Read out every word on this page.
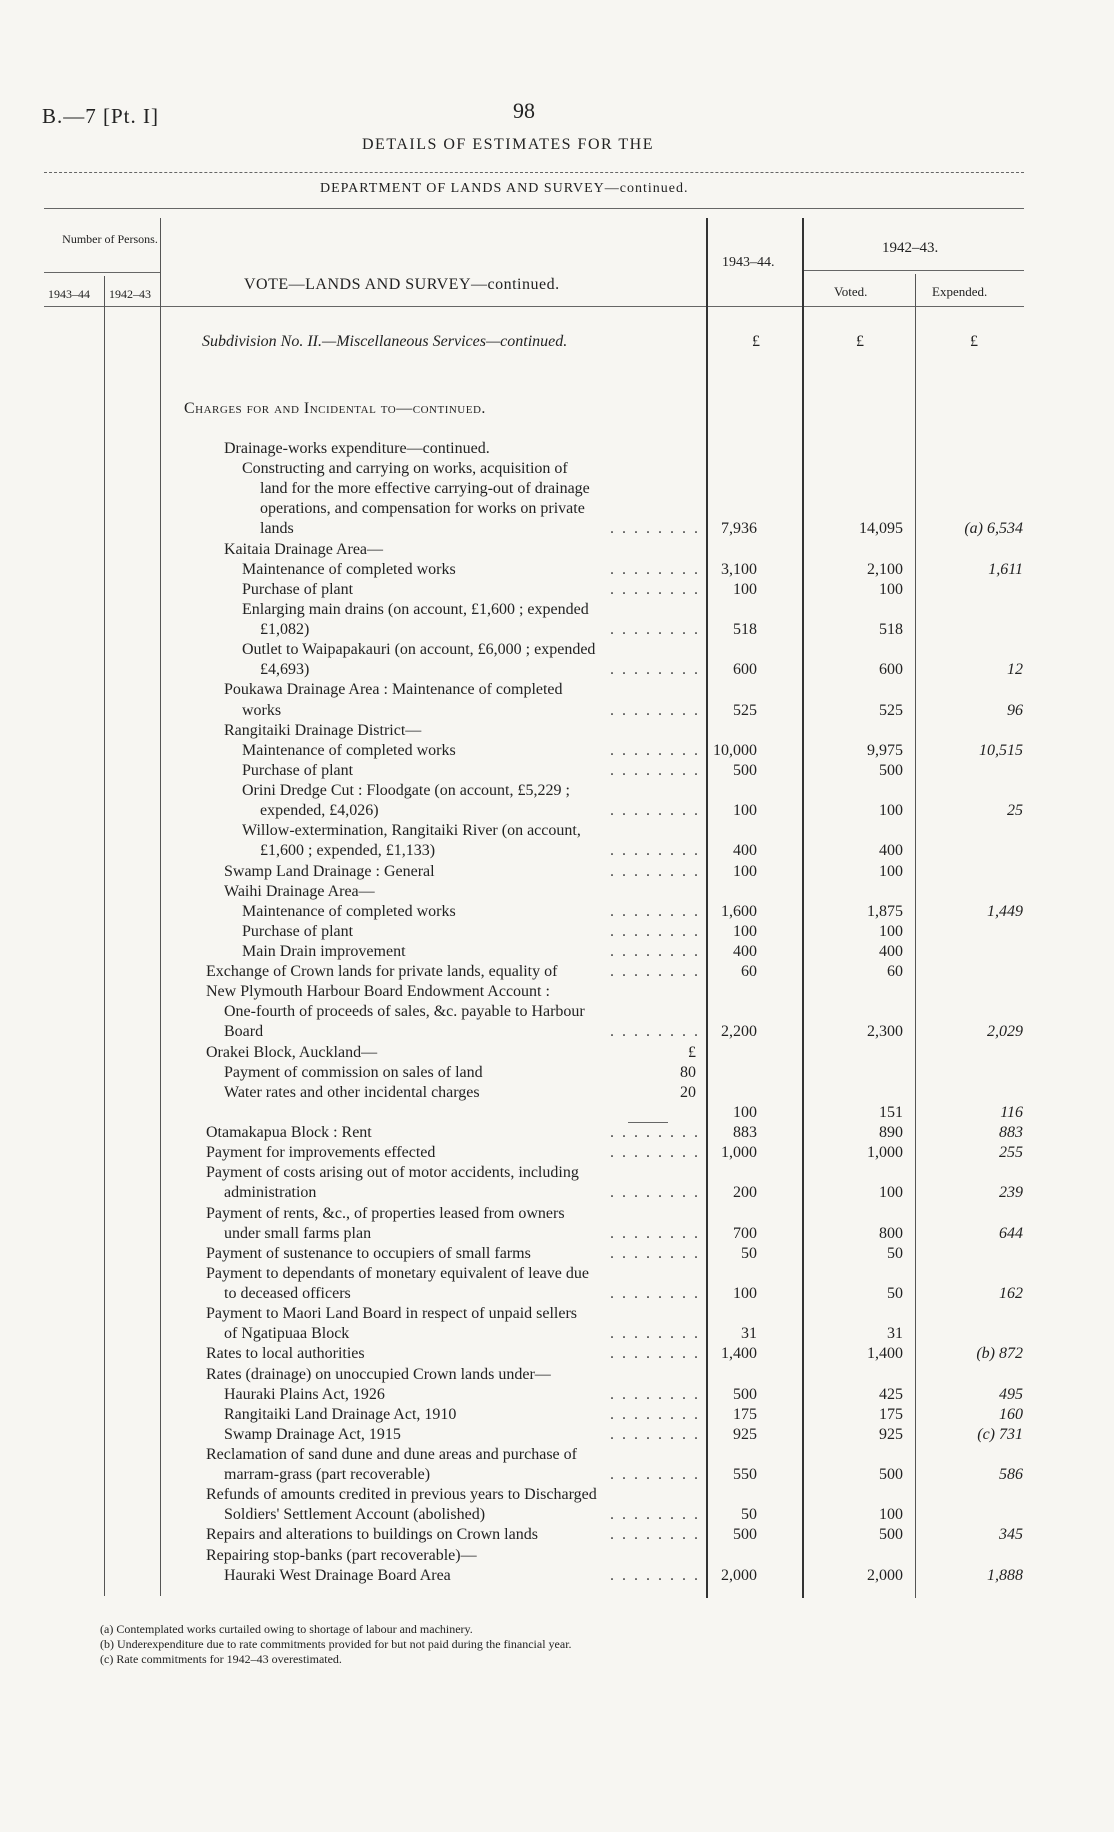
B.—7 [Pt. I]	98
DETAILS OF ESTIMATES FOR THE
DEPARTMENT OF LANDS AND SURVEY—continued.
Number of Persons.
1943–44 1942–43
VOTE—LANDS AND SURVEY—continued.
1943–44.
1942–43.
Voted.	Expended.
Subdivision No. II.—Miscellaneous Services—continued.	£	£	£
Charges for and Incidental to—continued.
Drainage-works expenditure—continued.
Constructing and carrying on works, acquisition of
land for the more effective carrying-out of drainage
operations, and compensation for works on private
lands	. . . . . . . . 7,936	14,095	(a) 6,534
Kaitaia Drainage Area—
Maintenance of completed works	. . . . . . . . 3,100	2,100	1,611
Purchase of plant	. . . . . . . . 100	100
Enlarging main drains (on account, £1,600 ; expended
£1,082)	. . . . . . . . 518	518
Outlet to Waipapakauri (on account, £6,000 ; expended
£4,693)	. . . . . . . . 600	600	12
Poukawa Drainage Area : Maintenance of completed
works	. . . . . . . . 525	525	96
Rangitaiki Drainage District—
Maintenance of completed works	. . . . . . . . 10,000	9,975	10,515
Purchase of plant	. . . . . . . . 500	500
Orini Dredge Cut : Floodgate (on account, £5,229 ;
expended, £4,026)	. . . . . . . . 100	100	25
Willow-extermination, Rangitaiki River (on account,
£1,600 ; expended, £1,133)	. . . . . . . . 400	400
Swamp Land Drainage : General	. . . . . . . . 100	100
Waihi Drainage Area—
Maintenance of completed works	. . . . . . . . 1,600	1,875	1,449
Purchase of plant	. . . . . . . . 100	100
Main Drain improvement	. . . . . . . . 400	400
Exchange of Crown lands for private lands, equality of	. . . . . . . .	60	60
New Plymouth Harbour Board Endowment Account :
One-fourth of proceeds of sales, &c. payable to Harbour
Board	. . . . . . . . 2,200	2,300	2,029
Orakei Block, Auckland—	£
Payment of commission on sales of land	80
Water rates and other incidental charges	20
100	151	116
Otamakapua Block : Rent	. . . . . . . . 883	890	883
Payment for improvements effected	. . . . . . . . 1,000	1,000	255
Payment of costs arising out of motor accidents, including
administration	. . . . . . . . 200	100	239
Payment of rents, &c., of properties leased from owners
under small farms plan	. . . . . . . . 700	800	644
Payment of sustenance to occupiers of small farms	. . . . . . . .	50	50
Payment to dependants of monetary equivalent of leave due
to deceased officers	. . . . . . . . 100	50	162
Payment to Maori Land Board in respect of unpaid sellers
of Ngatipuaa Block	. . . . . . . .	31	31
Rates to local authorities	. . . . . . . . 1,400	1,400	(b) 872
Rates (drainage) on unoccupied Crown lands under—
Hauraki Plains Act, 1926	. . . . . . . . 500	425	495
Rangitaiki Land Drainage Act, 1910	. . . . . . . . 175	175	160
Swamp Drainage Act, 1915	. . . . . . . . 925	925	(c) 731
Reclamation of sand dune and dune areas and purchase of
marram-grass (part recoverable)	. . . . . . . . 550	500	586
Refunds of amounts credited in previous years to Discharged
Soldiers' Settlement Account (abolished)	. . . . . . . .	50	100
Repairs and alterations to buildings on Crown lands	. . . . . . . . 500	500	345
Repairing stop-banks (part recoverable)—
Hauraki West Drainage Board Area	. . . . . . . . 2,000	2,000	1,888
(a) Contemplated works curtailed owing to shortage of labour and machinery.
(b) Underexpenditure due to rate commitments provided for but not paid during the financial year.
(c) Rate commitments for 1942–43 overestimated.
